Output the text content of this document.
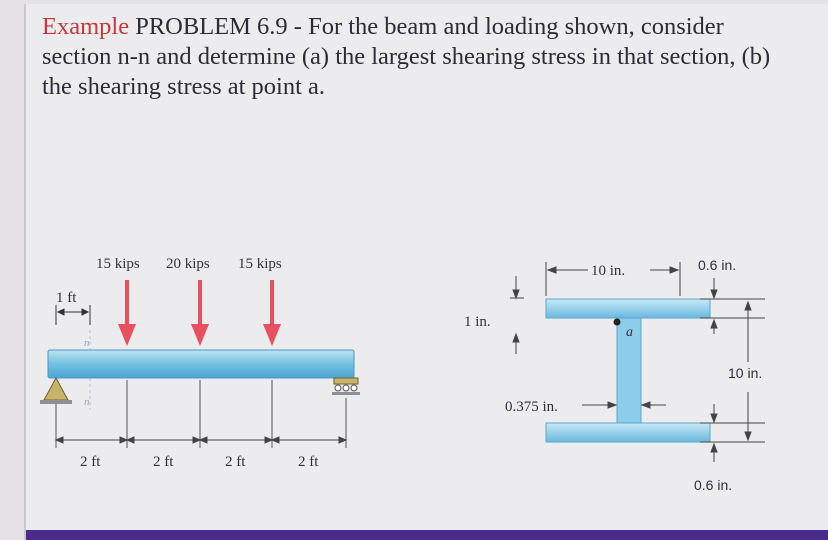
Example PROBLEM 6.9 - For the beam and loading shown, consider section n-n and determine (a) the largest shearing stress in that section, (b) the shearing stress at point a.

15 kips 20 kips 15 kips
1 ft
n
n
2 ft	2 ft	2 ft	2 ft
a
10 in.
1 in.
0.6 in.
10 in.
0.6 in.
0.375 in.
